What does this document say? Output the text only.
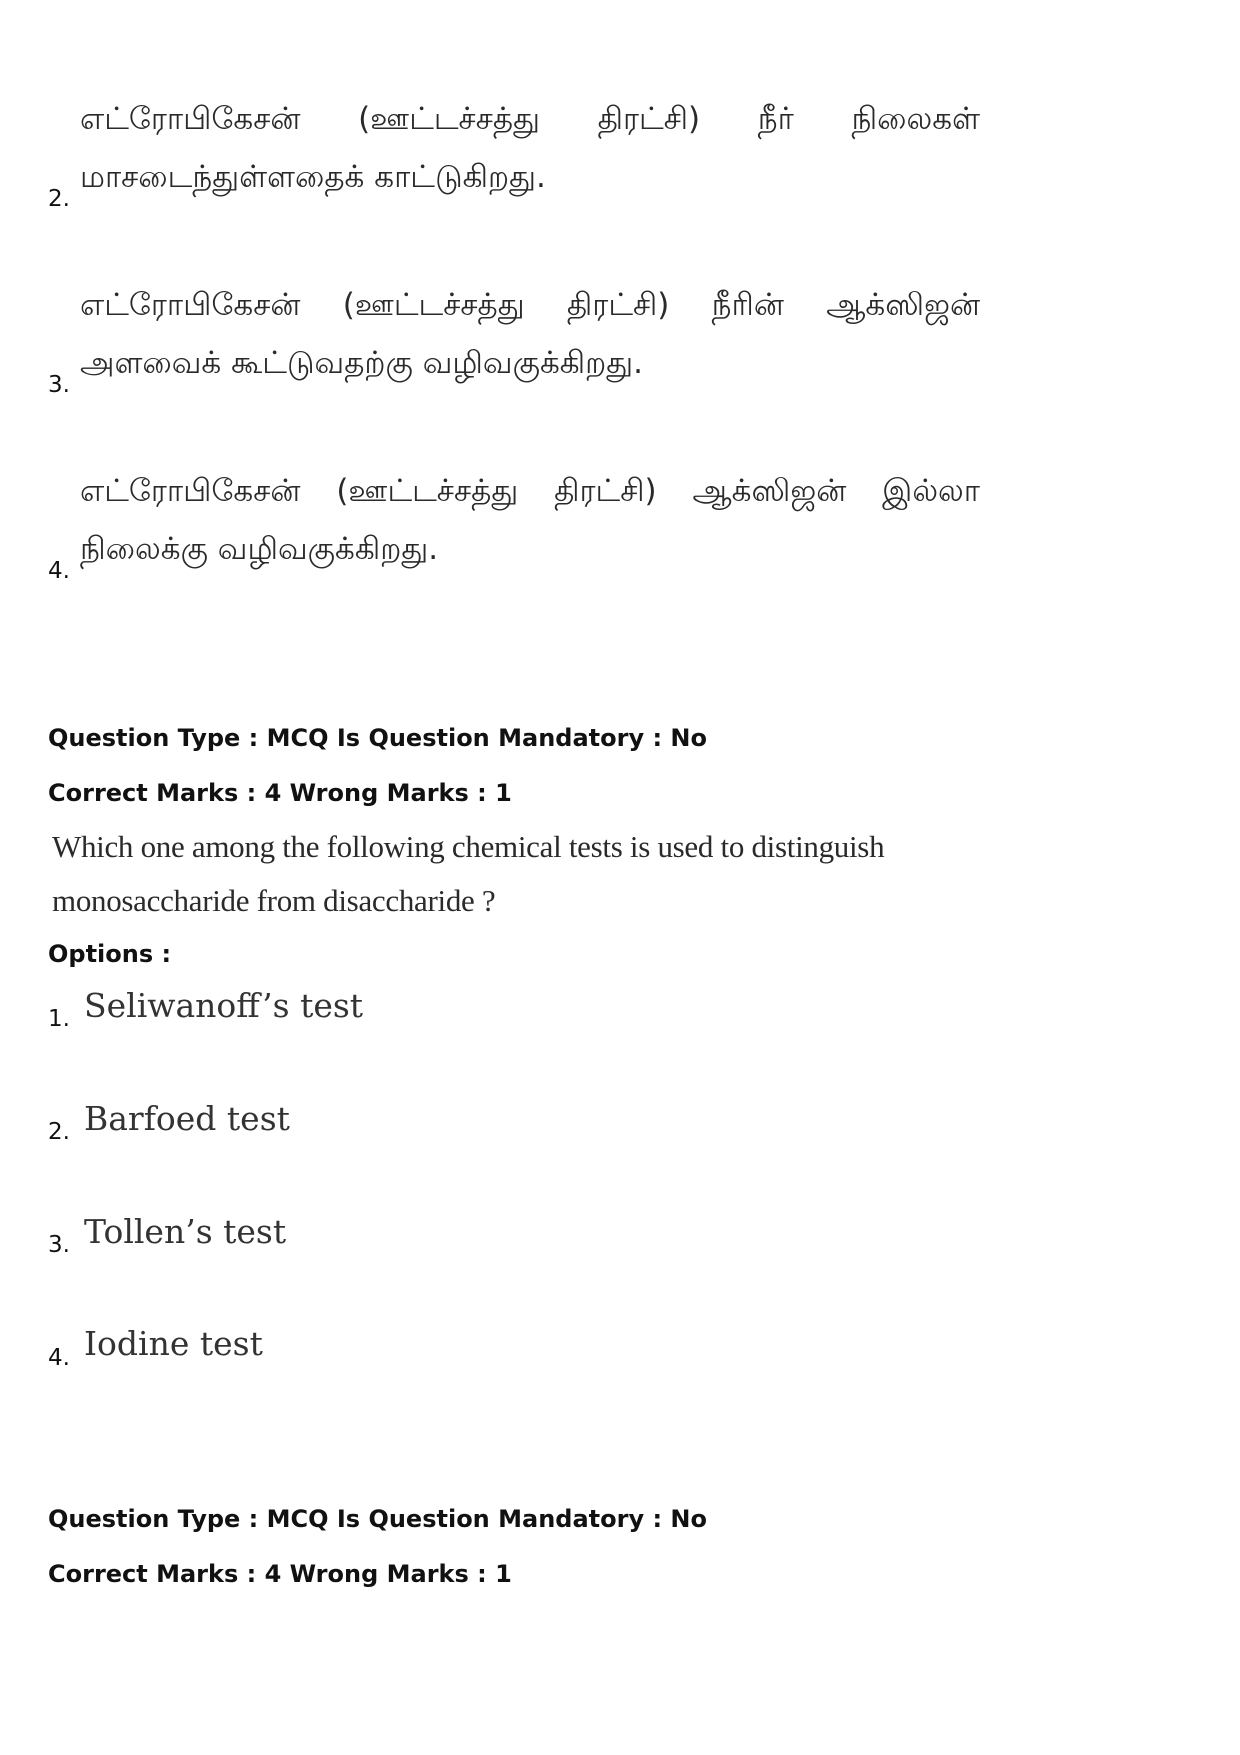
எட்ரோபிகேசன் (ஊட்டச்சத்து திரட்சி) நீர் நிலைகள் மாசடைந்துள்ளதைக் காட்டுகிறது.
2.
எட்ரோபிகேசன் (ஊட்டச்சத்து திரட்சி) நீரின் ஆக்ஸிஜன் அளவைக் கூட்டுவதற்கு வழிவகுக்கிறது.
3.
எட்ரோபிகேசன் (ஊட்டச்சத்து திரட்சி) ஆக்ஸிஜன் இல்லா நிலைக்கு வழிவகுக்கிறது.
4.
Question Type : MCQ Is Question Mandatory : No
Correct Marks : 4 Wrong Marks : 1
Which one among the following chemical tests is used to distinguish monosaccharide from disaccharide ?
Options :
1. Seliwanoff’s test
2. Barfoed test
3. Tollen’s test
4. Iodine test
Question Type : MCQ Is Question Mandatory : No
Correct Marks : 4 Wrong Marks : 1
